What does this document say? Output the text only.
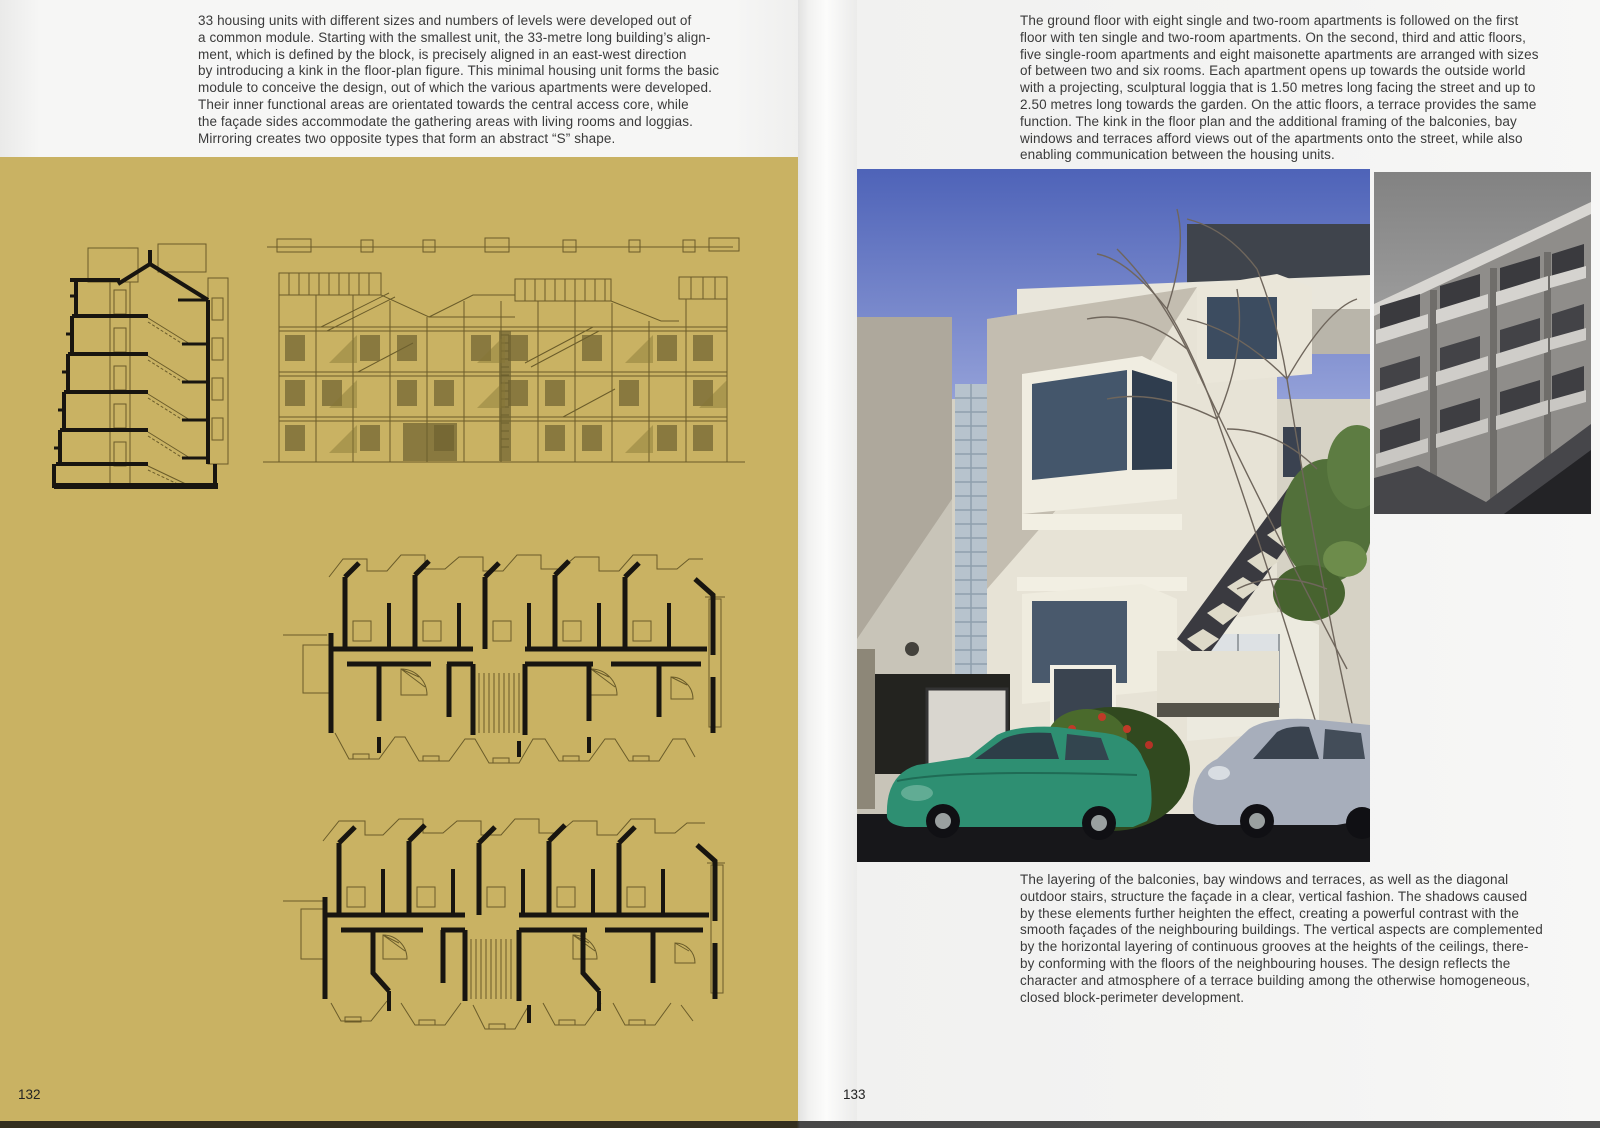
33 housing units with different sizes and numbers of levels were developed out of
a common module. Starting with the smallest unit, the 33-metre long building’s align-
ment, which is defined by the block, is precisely aligned in an east-west direction
by introducing a kink in the floor-plan figure. This minimal housing unit forms the basic
module to conceive the design, out of which the various apartments were developed.
Their inner functional areas are orientated towards the central access core, while
the façade sides accommodate the gathering areas with living rooms and loggias.
Mirroring creates two opposite types that form an abstract “S” shape.
132
The ground floor with eight single and two-room apartments is followed on the first
floor with ten single and two-room apartments. On the second, third and attic floors,
five single-room apartments and eight maisonette apartments are arranged with sizes
of between two and six rooms. Each apartment opens up towards the outside world
with a projecting, sculptural loggia that is 1.50 metres long facing the street and up to
2.50 metres long towards the garden. On the attic floors, a terrace provides the same
function. The kink in the floor plan and the additional framing of the balconies, bay
windows and terraces afford views out of the apartments onto the street, while also
enabling communication between the housing units.
The layering of the balconies, bay windows and terraces, as well as the diagonal
outdoor stairs, structure the façade in a clear, vertical fashion. The shadows caused
by these elements further heighten the effect, creating a powerful contrast with the
smooth façades of the neighbouring buildings. The vertical aspects are complemented
by the horizontal layering of continuous grooves at the heights of the ceilings, there-
by conforming with the floors of the neighbouring houses. The design reflects the
character and atmosphere of a terrace building among the otherwise homogeneous,
closed block-perimeter development.
133
